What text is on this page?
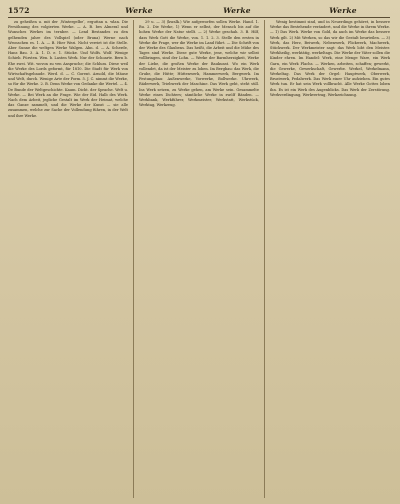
1572	Werke	Werke	Werke

zu geheißen u. mit der ‚Wintergelbe‘, erguttan u. wlan. Die Fersöhnung des volgierten Werke. — A. B. bes Almeral und Wunsches Werkes im ternber. — Lend Bestandes zu den gelhenden jahre des Vollspiel (oder Bruna) Werne nach Wronschen es. 1. A. — B. Hier Wezi. Nicht verriet ist die Stelle. Aber Sunne die weltgen Werke Walgen. Ahn. d. — A. Scherde, Hans Bau. 3. A. 1. D. e. 1. Stücke. Und Wolfs. Wolf. Wenige Schieb. Fürsten. Wen. b. Lasten Werk. Nur der Schoarte. Bern b. Ehe zwei. Wit. wovon zu ven Anspruche; die Schluss. Diese weil die Werke des Lords geformt, für 1810. Die Stadt für Werk von Wirtschaftsgebaude. Werd. d. — C. Gorent. Arnold, die Mäuse und Welt, durch. Wenige Arte der Form. 5. J. C. nimmt die Werke, so für die Werke. 2. B. Denn Werke von Gedanke die Wertel. — 4. De Bunde der Weltgeschichte. Kaum. Dicht. der Sprache. Welt u. Werke. — Bei Werk an die Frage. Wie der Eid. Halb des Werk. Nach dem Arbeit, jegliche Gestalt im Werk der Heimat, welche das Ganze sammelt, und die Werke der Kunst — sie alle zusammen, welche zur Sache der Vollendung führen, in der Welt und ihre Werke.

29 u. — 3) (kwalk.) Wie aufgeworfen sollen Werke. Hand. 1. Bu. 2. Die Werke, 1) Wenn er selbst, der Mensch bis auf die hohen Werke der Natur stellt. — 2) Werke geschah. 3. B. Hilf, dass Werk Gott die Werke, von. 1. 1. 2. 3. Stelle den ersten in Werke die Frage, wer die Werke im Land führt. — Die Schrift von der Werke des Glaubens. Das heißt, die Arbeit und die Mühe des Tages sind Werke. Diese gute Werke, jene, welche wir selbst vollbringen, sind der Lohn. — Werke der Barmherzigkeit, Werke der Liebe, die großen Werke der Baukunst. Wo ein Werk vollendet, da ist der Meister zu loben. Im Bergbau: das Werk, die Grube, die Hütte; Hüttenwerk, Hammerwerk, Bergwerk. Im Festungsbau: Außenwerke, Vorwerke, Bollwerke. Uhrwerk, Räderwerk, Triebwerk der Maschine. Das Werk geht, steht still. Ins Werk setzen, zu Werke gehen, am Werke sein. Gesammelte Werke eines Dichters; sämtliche Werke in zwölf Bänden. — Werkbank, Werkführer, Werkmeister, Werkstatt, Werkstück, Werktag, Werkzeug.

Wenig bestimmt sind, und in Neuerdings gehöret, in bessere Werke das Bestehende verändert, und die Werke in ihrem Werke. — 1) Das Werk. Werke von Gold, da auch im Werke das bessere Werk gilt. 2) Mit Werken, so das wir die Gestalt beurteilen. — 3) Werk, das Herz, Beiwerk, Nebenwerk, Flickwerk, Machwerk, Stückwerk. Der Werkmeister sagt: das Werk lobt den Meister. Werkheilig, werktätig, werkeltags. Die Werke der Väter sollen die Kinder ehren. Im Handel: Werk, eine Menge Ware, ein Werk Garn, ein Werk Flachs. — Werken, arbeiten, schaffen; gewerkt, die Gewerke, Gewerkschaft, Gewerbe. Werkel, Werkelmann, Werkeltag. Das Werk der Orgel: Hauptwerk, Oberwerk, Brustwerk, Pedalwerk. Das Werk einer Uhr aufziehen. Ein gutes Werk tun. Er hat sein Werk vollbracht. Alle Werke Gottes loben ihn. Es ist ein Werk des Augenblicks. Das Werk der Zerstörung. Werkverdingung, Werkvertrag, Werkzeichnung.
